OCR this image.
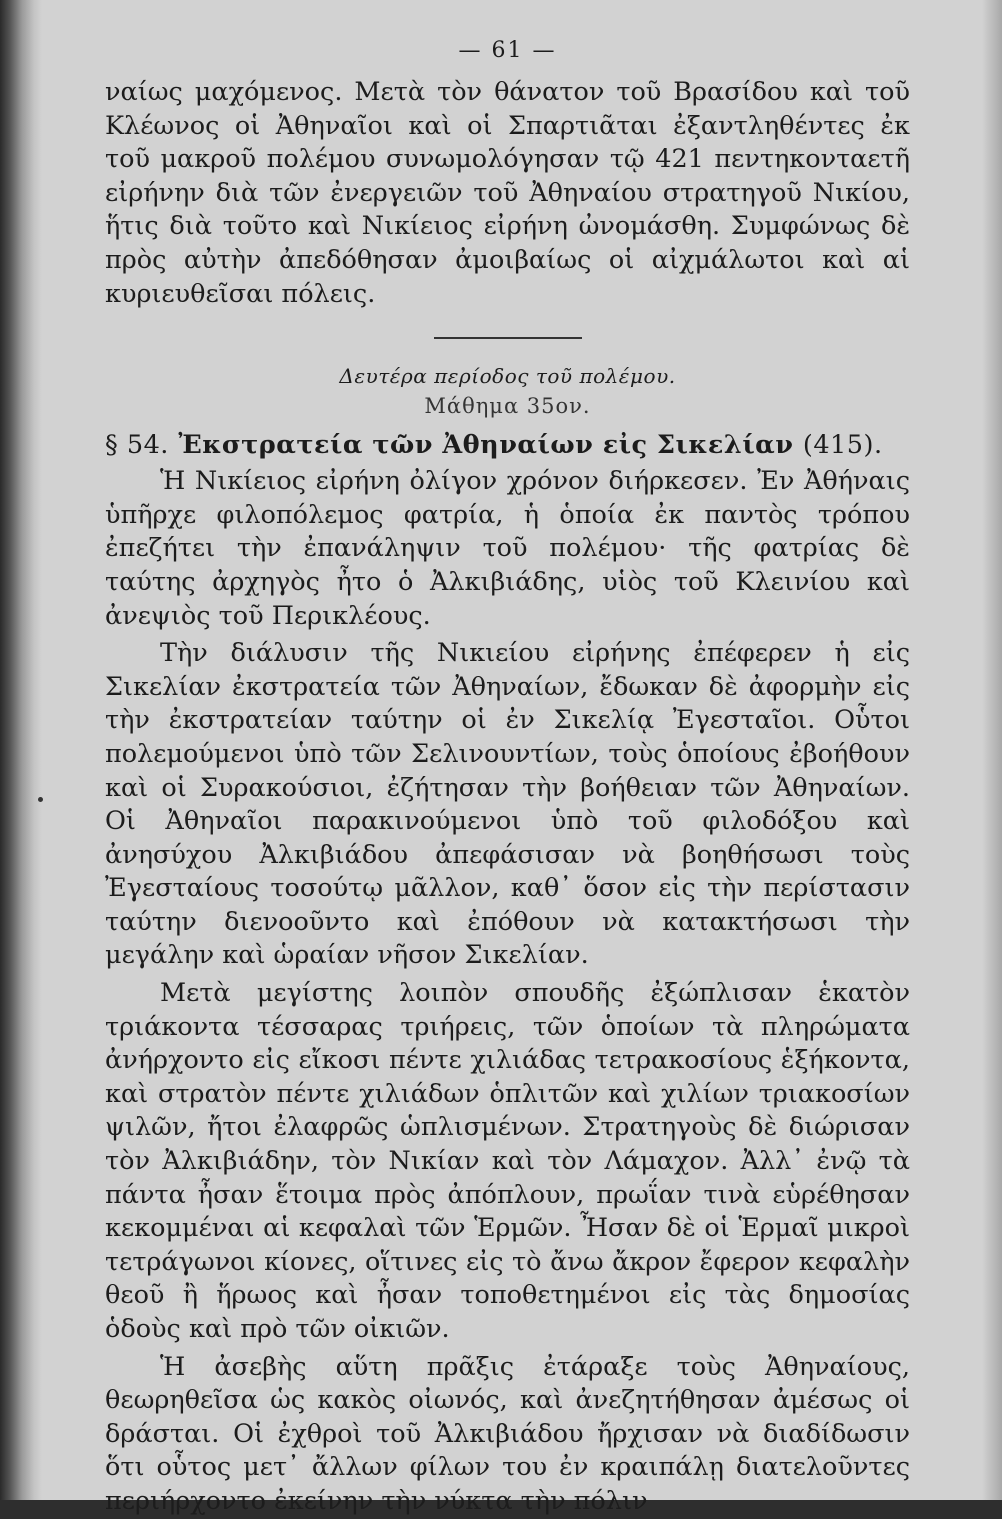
— 61 —

ναίως μαχόμενος. Μετὰ τὸν θάνατον τοῦ Βρασίδου καὶ τοῦ Κλέωνος οἱ Ἀθηναῖοι καὶ οἱ Σπαρτιᾶται ἐξαντληθέντες ἐκ τοῦ μακροῦ πολέμου συνωμολόγησαν τῷ 421 πεντηκονταετῆ εἰρήνην διὰ τῶν ἐνεργειῶν τοῦ Ἀθηναίου στρατηγοῦ Νικίου, ἥτις διὰ τοῦτο καὶ Νικίειος εἰρήνη ὠνομάσθη. Συμφώνως δὲ πρὸς αὐτὴν ἀπεδόθησαν ἀμοιβαίως οἱ αἰχμάλωτοι καὶ αἱ κυριευθεῖσαι πόλεις.

Δευτέρα περίοδος τοῦ πολέμου.

Μάθημα 35ον.

§ 54. Ἐκστρατεία τῶν Ἀθηναίων εἰς Σικελίαν (415).

Ἡ Νικίειος εἰρήνη ὀλίγον χρόνον διήρκεσεν. Ἐν Ἀθήναις ὑπῆρχε φιλοπόλεμος φατρία, ἡ ὁποία ἐκ παντὸς τρόπου ἐπεζήτει τὴν ἐπανάληψιν τοῦ πολέμου· τῆς φατρίας δὲ ταύτης ἀρχηγὸς ἦτο ὁ Ἀλκιβιάδης, υἱὸς τοῦ Κλεινίου καὶ ἀνεψιὸς τοῦ Περικλέους.

Τὴν διάλυσιν τῆς Νικιείου εἰρήνης ἐπέφερεν ἡ εἰς Σικελίαν ἐκστρατεία τῶν Ἀθηναίων, ἔδωκαν δὲ ἀφορμὴν εἰς τὴν ἐκστρατείαν ταύτην οἱ ἐν Σικελίᾳ Ἐγεσταῖοι. Οὗτοι πολεμούμενοι ὑπὸ τῶν Σελινουντίων, τοὺς ὁποίους ἐβοήθουν καὶ οἱ Συρακούσιοι, ἐζήτησαν τὴν βοήθειαν τῶν Ἀθηναίων. Οἱ Ἀθηναῖοι παρακινούμενοι ὑπὸ τοῦ φιλοδόξου καὶ ἀνησύχου Ἀλκιβιάδου ἀπεφάσισαν νὰ βοηθήσωσι τοὺς Ἐγεσταίους τοσούτῳ μᾶλλον, καθ᾽ ὅσον εἰς τὴν περίστασιν ταύτην διενοοῦντο καὶ ἐπόθουν νὰ κατακτήσωσι τὴν μεγάλην καὶ ὡραίαν νῆσον Σικελίαν.

Μετὰ μεγίστης λοιπὸν σπουδῆς ἐξώπλισαν ἑκατὸν τριάκοντα τέσσαρας τριήρεις, τῶν ὁποίων τὰ πληρώματα ἀνήρχοντο εἰς εἴκοσι πέντε χιλιάδας τετρακοσίους ἑξήκοντα, καὶ στρατὸν πέντε χιλιάδων ὁπλιτῶν καὶ χιλίων τριακοσίων ψιλῶν, ἤτοι ἐλαφρῶς ὡπλισμένων. Στρατηγοὺς δὲ διώρισαν τὸν Ἀλκιβιάδην, τὸν Νικίαν καὶ τὸν Λάμαχον. Ἀλλ᾽ ἐνῷ τὰ πάντα ἦσαν ἕτοιμα πρὸς ἀπόπλουν, πρωΐαν τινὰ εὑρέθησαν κεκομμέναι αἱ κεφαλαὶ τῶν Ἑρμῶν. Ἦσαν δὲ οἱ Ἑρμαῖ μικροὶ τετράγωνοι κίονες, οἵτινες εἰς τὸ ἄνω ἄκρον ἔφερον κεφαλὴν θεοῦ ἢ ἥρωος καὶ ἦσαν τοποθετημένοι εἰς τὰς δημοσίας ὁδοὺς καὶ πρὸ τῶν οἰκιῶν.

Ἡ ἀσεβὴς αὕτη πρᾶξις ἐτάραξε τοὺς Ἀθηναίους, θεωρηθεῖσα ὡς κακὸς οἰωνός, καὶ ἀνεζητήθησαν ἀμέσως οἱ δράσται. Οἱ ἐχθροὶ τοῦ Ἀλκιβιάδου ἤρχισαν νὰ διαδίδωσιν ὅτι οὗτος μετ᾽ ἄλλων φίλων του ἐν κραιπάλῃ διατελοῦντες περιήρχοντο ἐκείνην τὴν νύκτα τὴν πόλιν
